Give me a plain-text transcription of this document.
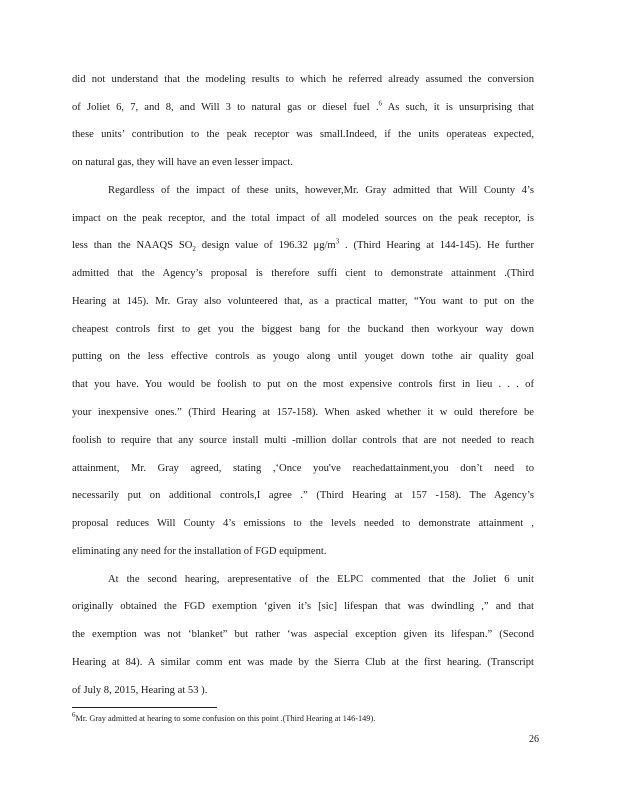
did not understand that the modeling results to which he referred already assumed the conversion
of Joliet 6, 7, and 8, and Will 3 to natural gas or diesel fuel .$^6$ As such, it is unsurprising that
these units’ contribution to the peak receptor was small.Indeed, if the units operateas expected,
on natural gas, they will have an even lesser impact.
Regardless of the impact of these units, however,Mr. Gray admitted that Will County 4’s
impact on the peak receptor, and the total impact of all modeled sources on the peak receptor, is
less than the NAAQS $SO_2$ design value of 196.32 $\mu g/m^3$ . (Third Hearing at 144-145). He further
admitted that the Agency’s proposal is therefore suffi cient to demonstrate attainment .(Third
Hearing at 145). Mr. Gray also volunteered that, as a practical matter, “You want to put on the
cheapest controls first to get you the biggest bang for the buckand then workyour way down
putting on the less effective controls as yougo along until youget down tothe air quality goal
that you have. You would be foolish to put on the most expensive controls first in lieu . . . of
your inexpensive ones.” (Third Hearing at 157-158). When asked whether it w ould therefore be
foolish to require that any source install multi -million dollar controls that are not needed to reach
attainment, Mr. Gray agreed, stating ,‘Once you've reachedattainment,you don’t need to
necessarily put on additional controls,I agree .” (Third Hearing at 157 -158). The Agency’s
proposal reduces Will County 4’s emissions to the levels needed to demonstrate attainment ,
eliminating any need for the installation of FGD equipment.
At the second hearing, arepresentative of the ELPC commented that the Joliet 6 unit
originally obtained the FGD exemption ‘given it’s [sic] lifespan that was dwindling ,” and that
the exemption was not ‘blanket” but rather ‘was aspecial exception given its lifespan.” (Second
Hearing at 84). A similar comm ent was made by the Sierra Club at the first hearing. (Transcript
of July 8, 2015, Hearing at 53 ).
$^6$Mr. Gray admitted at hearing to some confusion on this point .(Third Hearing at 146-149).
26
